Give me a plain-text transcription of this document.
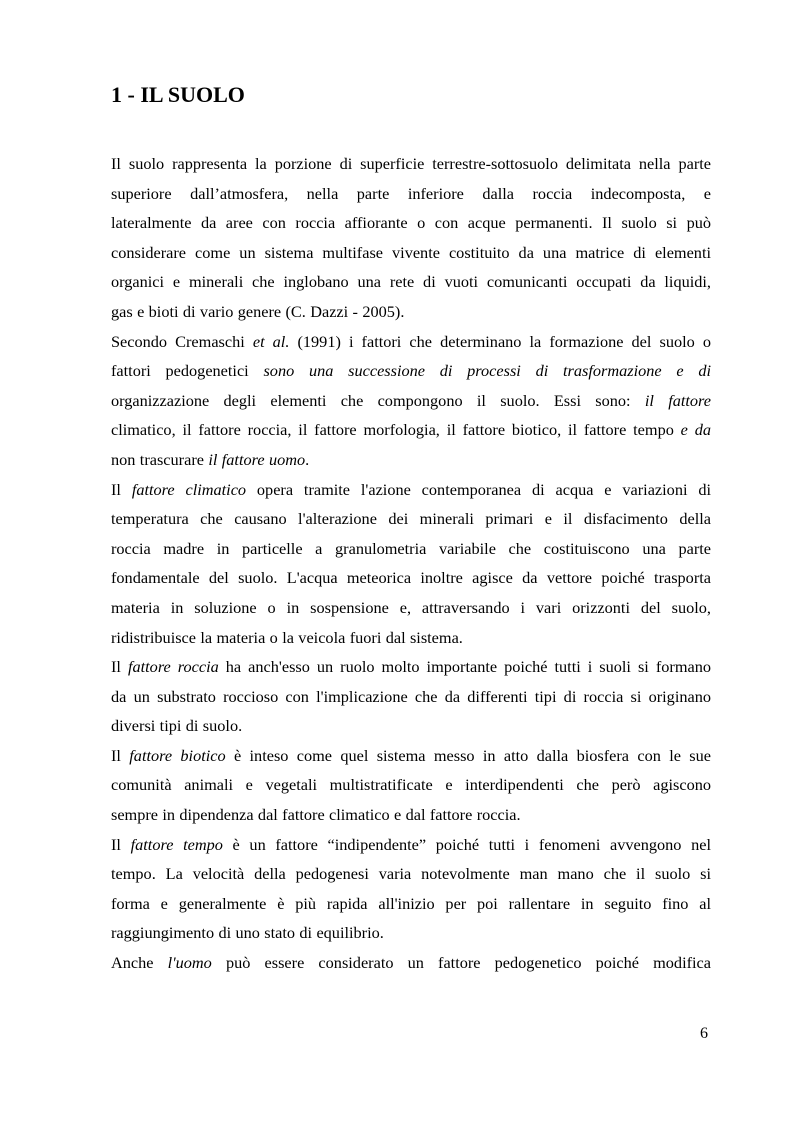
1 - IL SUOLO

Il suolo rappresenta la porzione di superficie terrestre-sottosuolo delimitata nella parte
superiore dall’atmosfera, nella parte inferiore dalla roccia indecomposta, e
lateralmente da aree con roccia affiorante o con acque permanenti. Il suolo si può
considerare come un sistema multifase vivente costituito da una matrice di elementi
organici e minerali che inglobano una rete di vuoti comunicanti occupati da liquidi,
gas e bioti di vario genere (C. Dazzi - 2005).

Secondo Cremaschi et al. (1991) i fattori che determinano la formazione del suolo o
fattori pedogenetici sono una successione di processi di trasformazione e di
organizzazione degli elementi che compongono il suolo. Essi sono: il fattore
climatico, il fattore roccia, il fattore morfologia, il fattore biotico, il fattore tempo e da
non trascurare il fattore uomo.

Il fattore climatico opera tramite l'azione contemporanea di acqua e variazioni di
temperatura che causano l'alterazione dei minerali primari e il disfacimento della
roccia madre in particelle a granulometria variabile che costituiscono una parte
fondamentale del suolo. L'acqua meteorica inoltre agisce da vettore poiché trasporta
materia in soluzione o in sospensione e, attraversando i vari orizzonti del suolo,
ridistribuisce la materia o la veicola fuori dal sistema.

Il fattore roccia ha anch'esso un ruolo molto importante poiché tutti i suoli si formano
da un substrato roccioso con l'implicazione che da differenti tipi di roccia si originano
diversi tipi di suolo.

Il fattore biotico è inteso come quel sistema messo in atto dalla biosfera con le sue
comunità animali e vegetali multistratificate e interdipendenti che però agiscono
sempre in dipendenza dal fattore climatico e dal fattore roccia.

Il fattore tempo è un fattore “indipendente” poiché tutti i fenomeni avvengono nel
tempo. La velocità della pedogenesi varia notevolmente man mano che il suolo si
forma e generalmente è più rapida all'inizio per poi rallentare in seguito fino al
raggiungimento di uno stato di equilibrio.

Anche l'uomo può essere considerato un fattore pedogenetico poiché modifica

6
